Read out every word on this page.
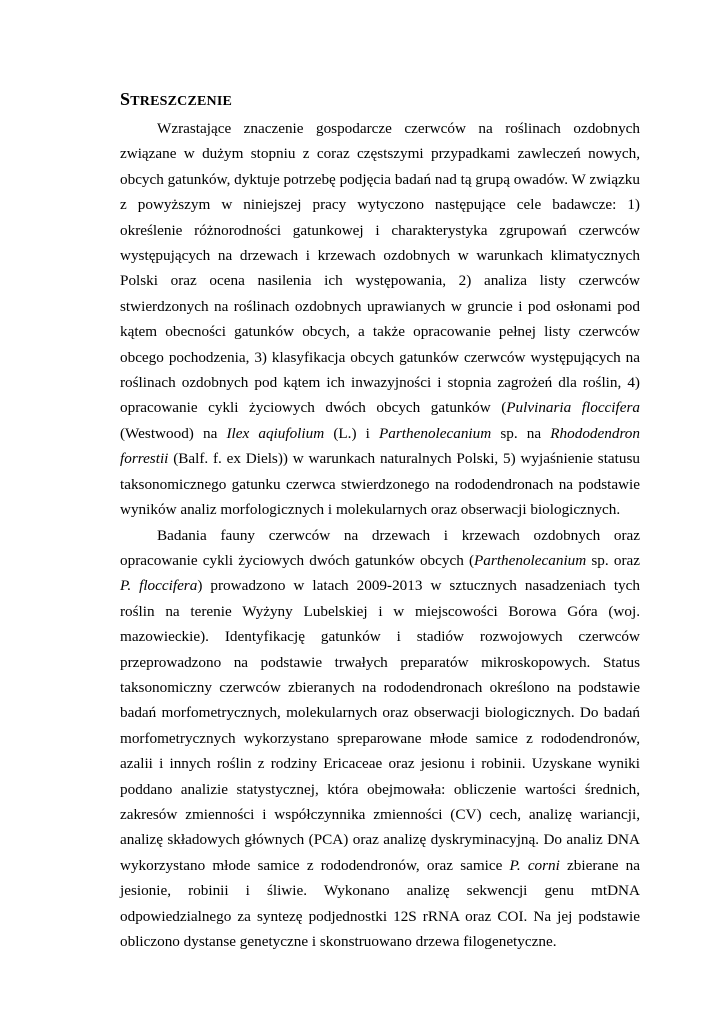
STRESZCZENIE

Wzrastające znaczenie gospodarcze czerwców na roślinach ozdobnych związane w dużym stopniu z coraz częstszymi przypadkami zawleczeń nowych, obcych gatunków, dyktuje potrzebę podjęcia badań nad tą grupą owadów. W związku z powyższym w niniejszej pracy wytyczono następujące cele badawcze: 1) określenie różnorodności gatunkowej i charakterystyka zgrupowań czerwców występujących na drzewach i krzewach ozdobnych w warunkach klimatycznych Polski oraz ocena nasilenia ich występowania, 2) analiza listy czerwców stwierdzonych na roślinach ozdobnych uprawianych w gruncie i pod osłonami pod kątem obecności gatunków obcych, a także opracowanie pełnej listy czerwców obcego pochodzenia, 3) klasyfikacja obcych gatunków czerwców występujących na roślinach ozdobnych pod kątem ich inwazyjności i stopnia zagrożeń dla roślin, 4) opracowanie cykli życiowych dwóch obcych gatunków (Pulvinaria floccifera (Westwood) na Ilex aqiufolium (L.) i Parthenolecanium sp. na Rhododendron forrestii (Balf. f. ex Diels)) w warunkach naturalnych Polski, 5) wyjaśnienie statusu taksonomicznego gatunku czerwca stwierdzonego na rododendronach na podstawie wyników analiz morfologicznych i molekularnych oraz obserwacji biologicznych.

Badania fauny czerwców na drzewach i krzewach ozdobnych oraz opracowanie cykli życiowych dwóch gatunków obcych (Parthenolecanium sp. oraz P. floccifera) prowadzono w latach 2009-2013 w sztucznych nasadzeniach tych roślin na terenie Wyżyny Lubelskiej i w miejscowości Borowa Góra (woj. mazowieckie). Identyfikację gatunków i stadiów rozwojowych czerwców przeprowadzono na podstawie trwałych preparatów mikroskopowych. Status taksonomiczny czerwców zbieranych na rododendronach określono na podstawie badań morfometrycznych, molekularnych oraz obserwacji biologicznych. Do badań morfometrycznych wykorzystano spreparowane młode samice z rododendronów, azalii i innych roślin z rodziny Ericaceae oraz jesionu i robinii. Uzyskane wyniki poddano analizie statystycznej, która obejmowała: obliczenie wartości średnich, zakresów zmienności i współczynnika zmienności (CV) cech, analizę wariancji, analizę składowych głównych (PCA) oraz analizę dyskryminacyjną. Do analiz DNA wykorzystano młode samice z rododendronów, oraz samice P. corni zbierane na jesionie, robinii i śliwie. Wykonano analizę sekwencji genu mtDNA odpowiedzialnego za syntezę podjednostki 12S rRNA oraz COI. Na jej podstawie obliczono dystanse genetyczne i skonstruowano drzewa filogenetyczne.
